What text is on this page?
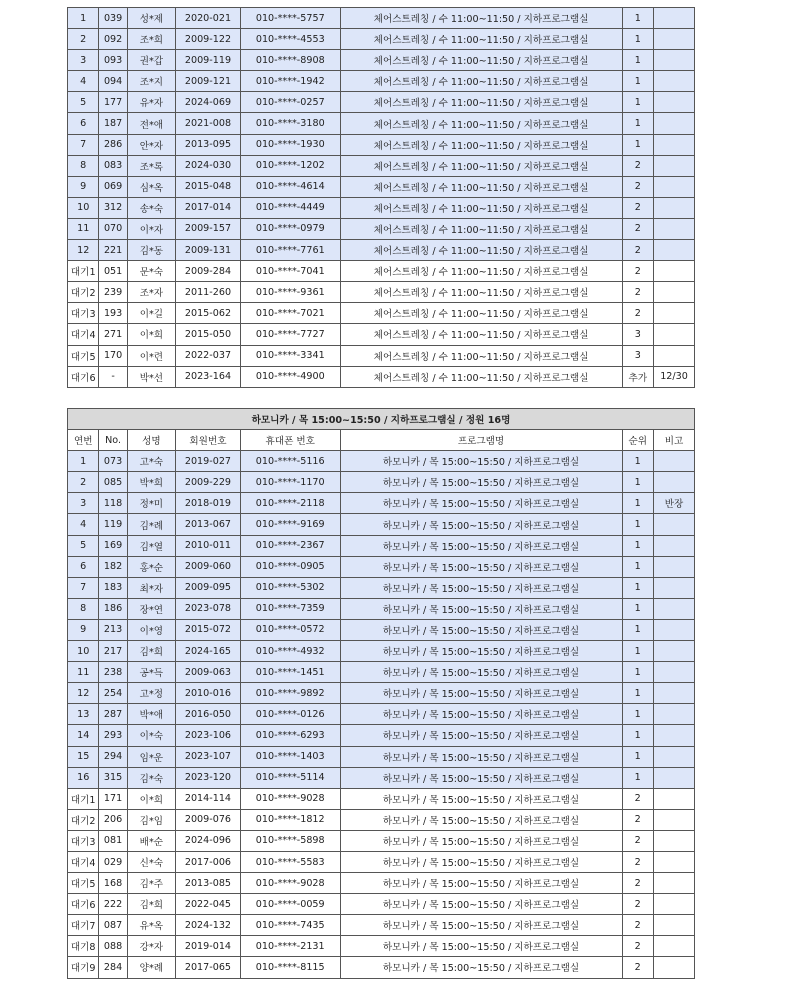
1	039	성*제	2020-021	010-****-5757	체어스트레칭 / 수 11:00~11:50 / 지하프로그램실	1	
2	092	조*희	2009-122	010-****-4553	체어스트레칭 / 수 11:00~11:50 / 지하프로그램실	1	
3	093	권*갑	2009-119	010-****-8908	체어스트레칭 / 수 11:00~11:50 / 지하프로그램실	1	
4	094	조*지	2009-121	010-****-1942	체어스트레칭 / 수 11:00~11:50 / 지하프로그램실	1	
5	177	유*자	2024-069	010-****-0257	체어스트레칭 / 수 11:00~11:50 / 지하프로그램실	1	
6	187	전*애	2021-008	010-****-3180	체어스트레칭 / 수 11:00~11:50 / 지하프로그램실	1	
7	286	안*자	2013-095	010-****-1930	체어스트레칭 / 수 11:00~11:50 / 지하프로그램실	1	
8	083	조*록	2024-030	010-****-1202	체어스트레칭 / 수 11:00~11:50 / 지하프로그램실	2	
9	069	심*옥	2015-048	010-****-4614	체어스트레칭 / 수 11:00~11:50 / 지하프로그램실	2	
10	312	송*숙	2017-014	010-****-4449	체어스트레칭 / 수 11:00~11:50 / 지하프로그램실	2	
11	070	이*자	2009-157	010-****-0979	체어스트레칭 / 수 11:00~11:50 / 지하프로그램실	2	
12	221	김*동	2009-131	010-****-7761	체어스트레칭 / 수 11:00~11:50 / 지하프로그램실	2	
대기1	051	문*숙	2009-284	010-****-7041	체어스트레칭 / 수 11:00~11:50 / 지하프로그램실	2	
대기2	239	조*자	2011-260	010-****-9361	체어스트레칭 / 수 11:00~11:50 / 지하프로그램실	2	
대기3	193	이*길	2015-062	010-****-7021	체어스트레칭 / 수 11:00~11:50 / 지하프로그램실	2	
대기4	271	이*희	2015-050	010-****-7727	체어스트레칭 / 수 11:00~11:50 / 지하프로그램실	3	
대기5	170	이*련	2022-037	010-****-3341	체어스트레칭 / 수 11:00~11:50 / 지하프로그램실	3	
대기6	-	박*선	2023-164	010-****-4900	체어스트레칭 / 수 11:00~11:50 / 지하프로그램실	추가	12/30
하모니카 / 목 15:00~15:50 / 지하프로그램실 / 정원 16명							
연번	No.	성명	회원번호	휴대폰 번호	프로그램명	순위	비고
1	073	고*숙	2019-027	010-****-5116	하모니카 / 목 15:00~15:50 / 지하프로그램실	1	
2	085	박*희	2009-229	010-****-1170	하모니카 / 목 15:00~15:50 / 지하프로그램실	1	
3	118	정*미	2018-019	010-****-2118	하모니카 / 목 15:00~15:50 / 지하프로그램실	1	반장
4	119	김*례	2013-067	010-****-9169	하모니카 / 목 15:00~15:50 / 지하프로그램실	1	
5	169	김*열	2010-011	010-****-2367	하모니카 / 목 15:00~15:50 / 지하프로그램실	1	
6	182	홍*순	2009-060	010-****-0905	하모니카 / 목 15:00~15:50 / 지하프로그램실	1	
7	183	최*자	2009-095	010-****-5302	하모니카 / 목 15:00~15:50 / 지하프로그램실	1	
8	186	장*연	2023-078	010-****-7359	하모니카 / 목 15:00~15:50 / 지하프로그램실	1	
9	213	이*영	2015-072	010-****-0572	하모니카 / 목 15:00~15:50 / 지하프로그램실	1	
10	217	김*희	2024-165	010-****-4932	하모니카 / 목 15:00~15:50 / 지하프로그램실	1	
11	238	공*득	2009-063	010-****-1451	하모니카 / 목 15:00~15:50 / 지하프로그램실	1	
12	254	고*정	2010-016	010-****-9892	하모니카 / 목 15:00~15:50 / 지하프로그램실	1	
13	287	박*애	2016-050	010-****-0126	하모니카 / 목 15:00~15:50 / 지하프로그램실	1	
14	293	이*숙	2023-106	010-****-6293	하모니카 / 목 15:00~15:50 / 지하프로그램실	1	
15	294	임*운	2023-107	010-****-1403	하모니카 / 목 15:00~15:50 / 지하프로그램실	1	
16	315	김*숙	2023-120	010-****-5114	하모니카 / 목 15:00~15:50 / 지하프로그램실	1	
대기1	171	이*희	2014-114	010-****-9028	하모니카 / 목 15:00~15:50 / 지하프로그램실	2	
대기2	206	김*임	2009-076	010-****-1812	하모니카 / 목 15:00~15:50 / 지하프로그램실	2	
대기3	081	배*순	2024-096	010-****-5898	하모니카 / 목 15:00~15:50 / 지하프로그램실	2	
대기4	029	신*숙	2017-006	010-****-5583	하모니카 / 목 15:00~15:50 / 지하프로그램실	2	
대기5	168	김*주	2013-085	010-****-9028	하모니카 / 목 15:00~15:50 / 지하프로그램실	2	
대기6	222	김*희	2022-045	010-****-0059	하모니카 / 목 15:00~15:50 / 지하프로그램실	2	
대기7	087	유*옥	2024-132	010-****-7435	하모니카 / 목 15:00~15:50 / 지하프로그램실	2	
대기8	088	강*자	2019-014	010-****-2131	하모니카 / 목 15:00~15:50 / 지하프로그램실	2	
대기9	284	양*례	2017-065	010-****-8115	하모니카 / 목 15:00~15:50 / 지하프로그램실	2	
